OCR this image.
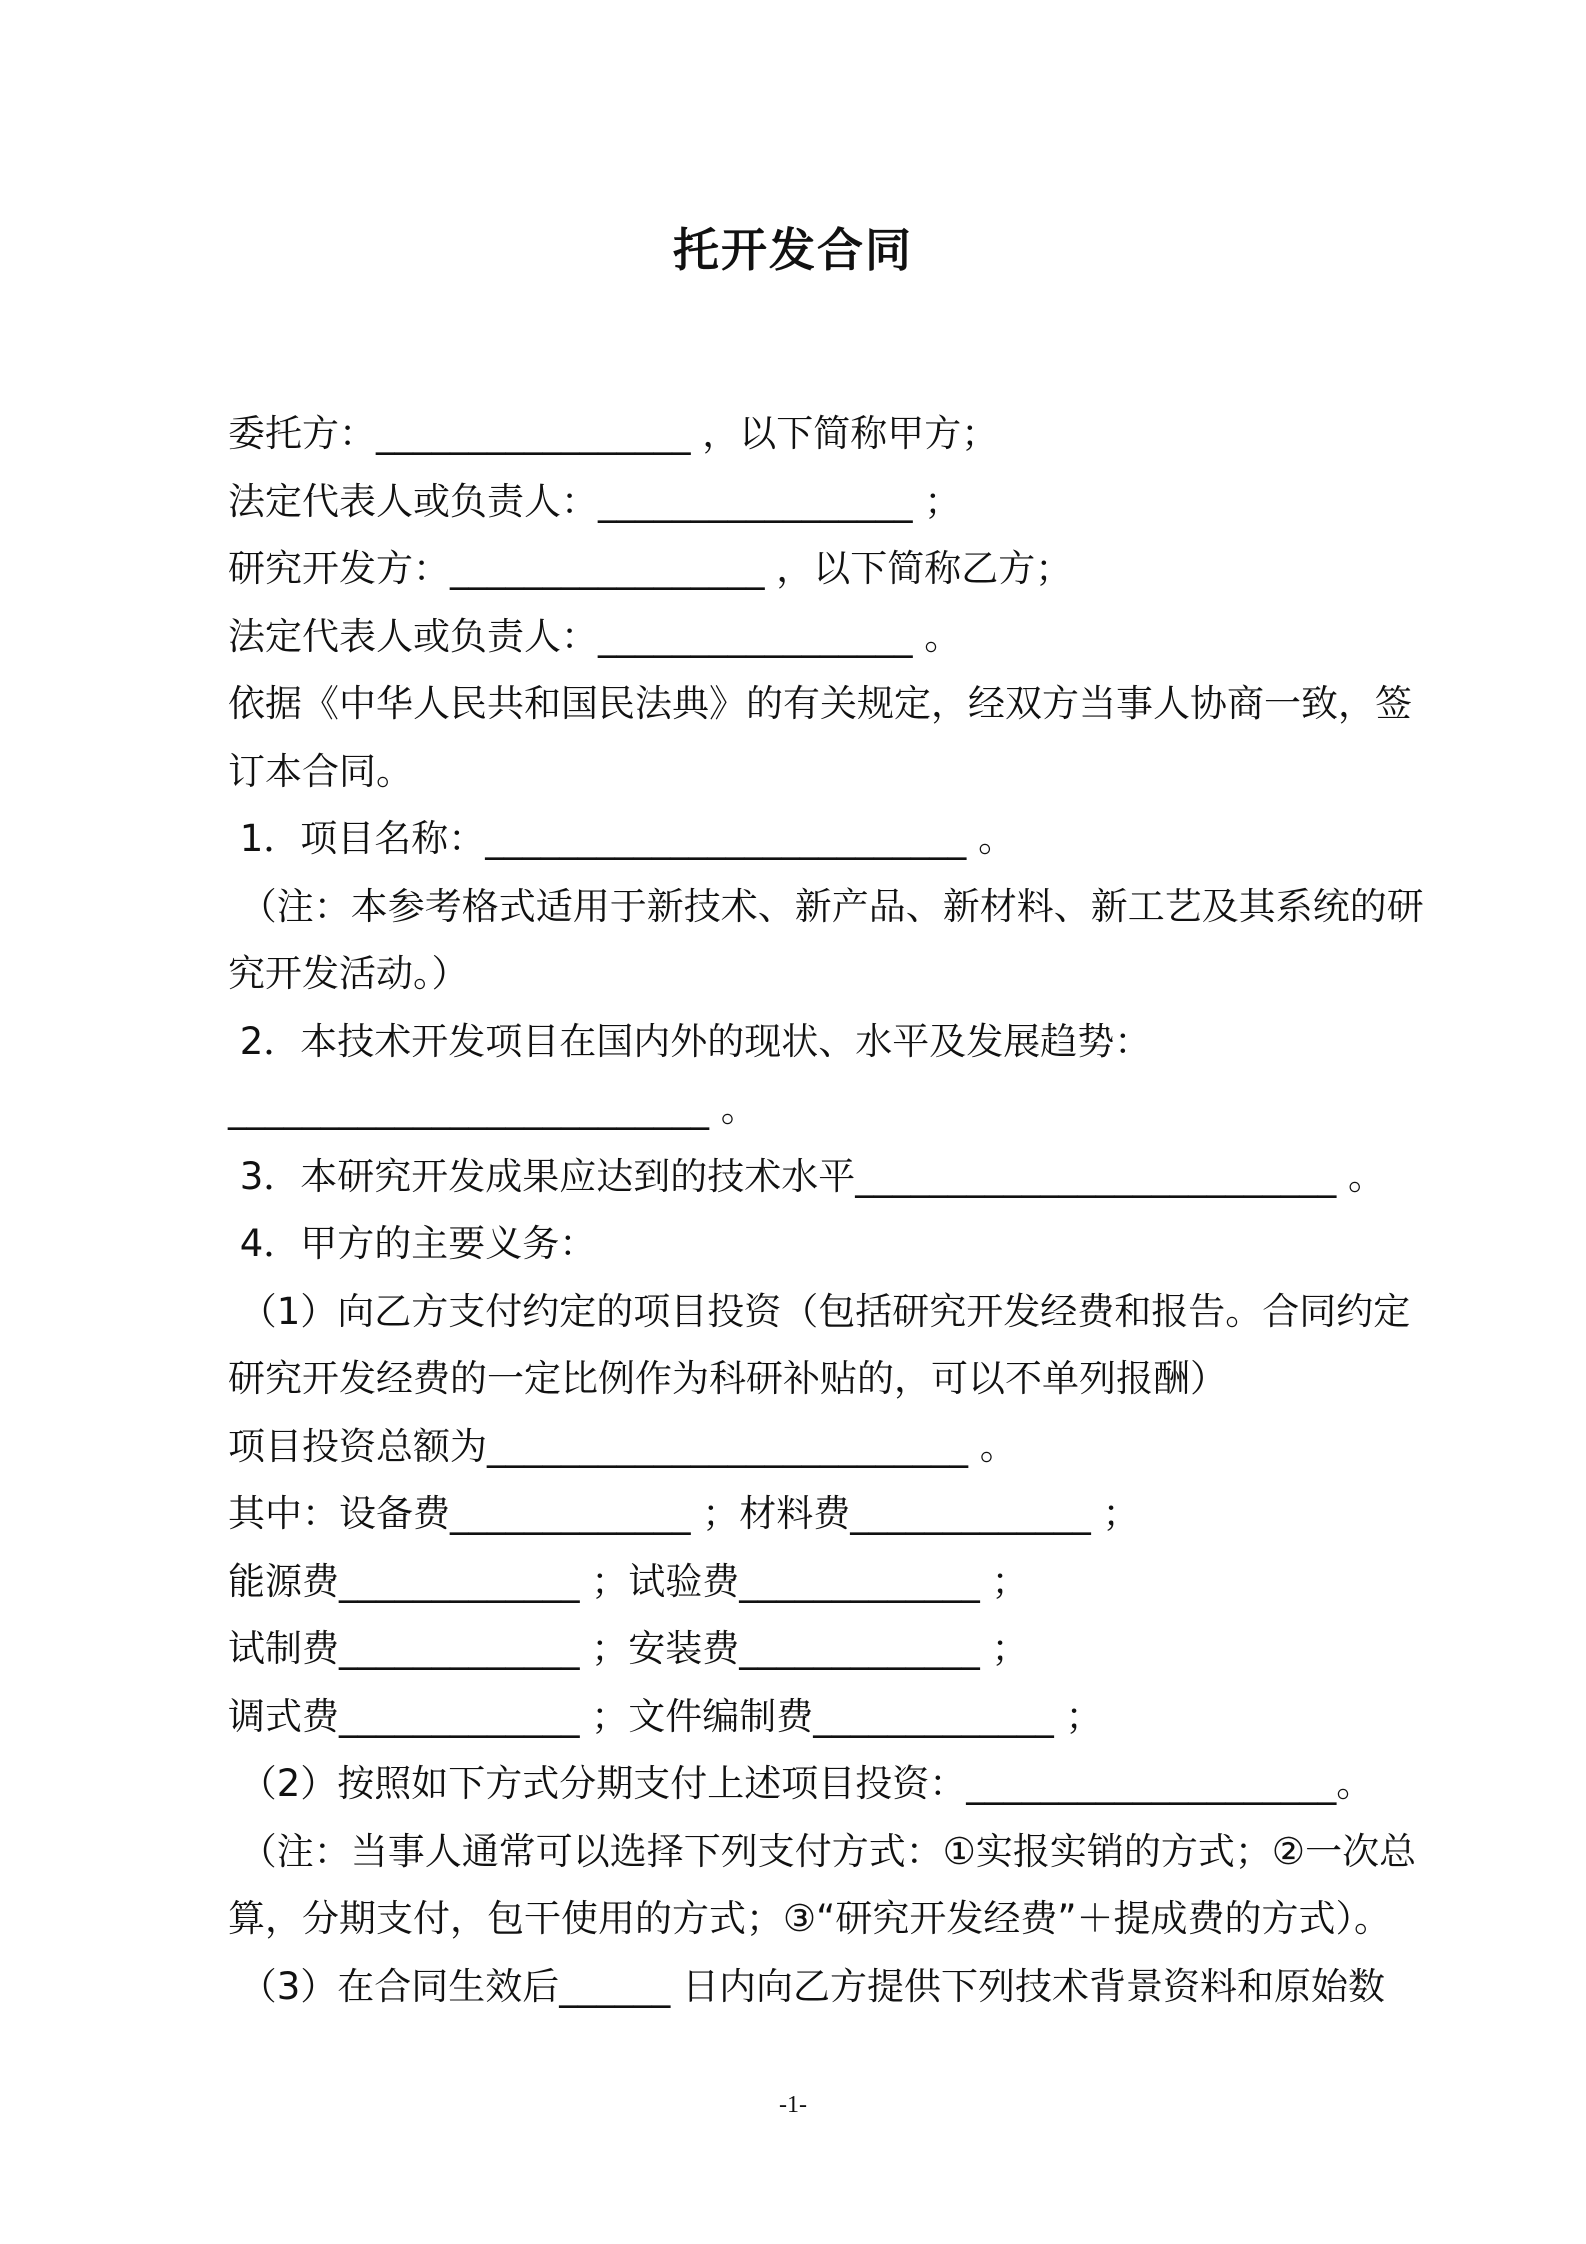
托开发合同
委托方：_________________ ，以下简称甲方；
法定代表人或负责人：_________________ ；
研究开发方：_________________ ，以下简称乙方；
法定代表人或负责人：_________________ 。
依据《中华人民共和国民法典》的有关规定，经双方当事人协商一致，签
订本合同。
1．项目名称：__________________________ 。
（注：本参考格式适用于新技术、新产品、新材料、新工艺及其系统的研
究开发活动。）
2．本技术开发项目在国内外的现状、水平及发展趋势：
__________________________ 。
3．本研究开发成果应达到的技术水平__________________________ 。
4．甲方的主要义务：
（1）向乙方支付约定的项目投资（包括研究开发经费和报告。合同约定
研究开发经费的一定比例作为科研补贴的，可以不单列报酬）
项目投资总额为__________________________ 。
其中：设备费_____________ ；材料费_____________ ；
能源费_____________ ；试验费_____________ ；
试制费_____________ ；安装费_____________ ；
调式费_____________ ；文件编制费_____________ ；
（2）按照如下方式分期支付上述项目投资：____________________。
（注：当事人通常可以选择下列支付方式：①实报实销的方式；②一次总
算，分期支付，包干使用的方式；③“研究开发经费”＋提成费的方式）。
（3）在合同生效后______ 日内向乙方提供下列技术背景资料和原始数
-1-
